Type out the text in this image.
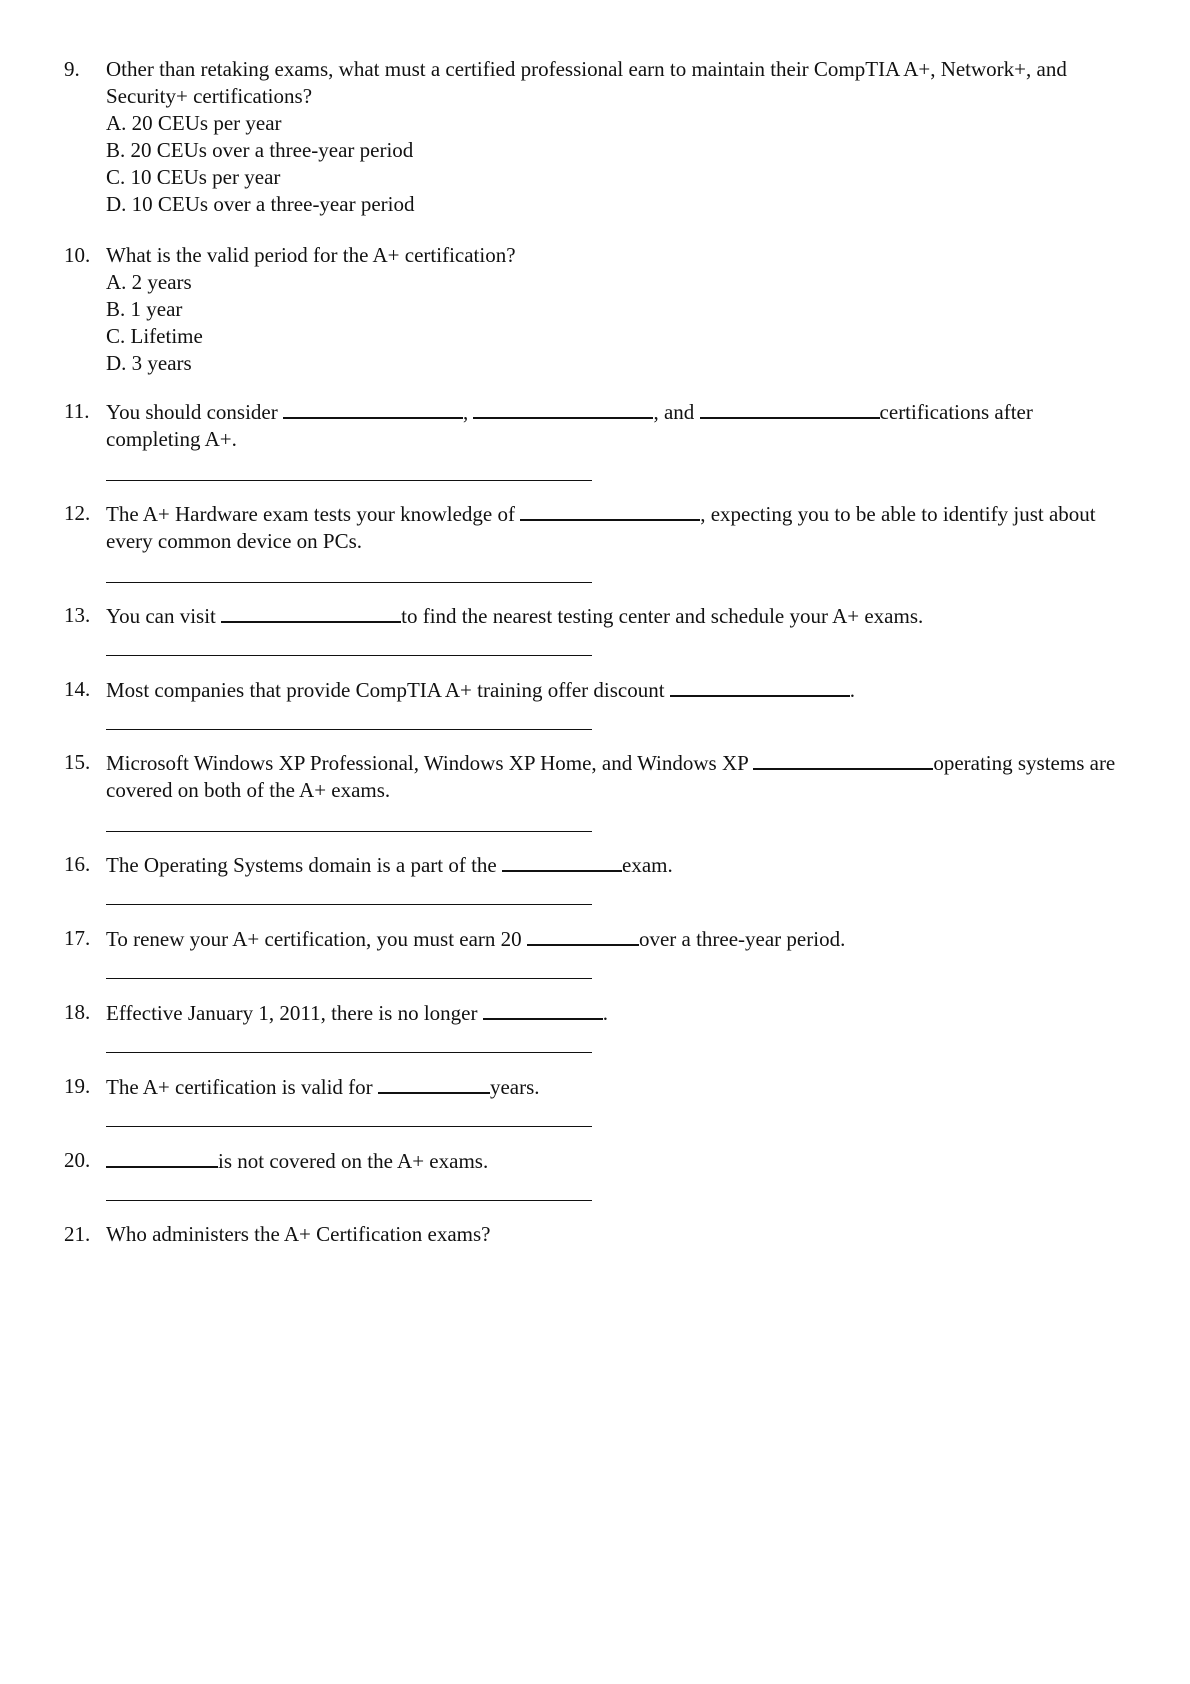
9. Other than retaking exams, what must a certified professional earn to maintain their CompTIA A+, Network+, and Security+ certifications?
A. 20 CEUs per year
B. 20 CEUs over a three-year period
C. 10 CEUs per year
D. 10 CEUs over a three-year period
10. What is the valid period for the A+ certification?
A. 2 years
B. 1 year
C. Lifetime
D. 3 years
11. You should consider	,	, and	certifications after completing A+.
12. The A+ Hardware exam tests your knowledge of	, expecting you to be able to identify just about every common device on PCs.
13. You can visit	to find the nearest testing center and schedule your A+ exams.
14. Most companies that provide CompTIA A+ training offer discount	.
15. Microsoft Windows XP Professional, Windows XP Home, and Windows XP	operating systems are covered on both of the A+ exams.
16. The Operating Systems domain is a part of the	exam.
17. To renew your A+ certification, you must earn 20	over a three-year period.
18. Effective January 1, 2011, there is no longer	.
19. The A+ certification is valid for	years.
20.	is not covered on the A+ exams.
21. Who administers the A+ Certification exams?
